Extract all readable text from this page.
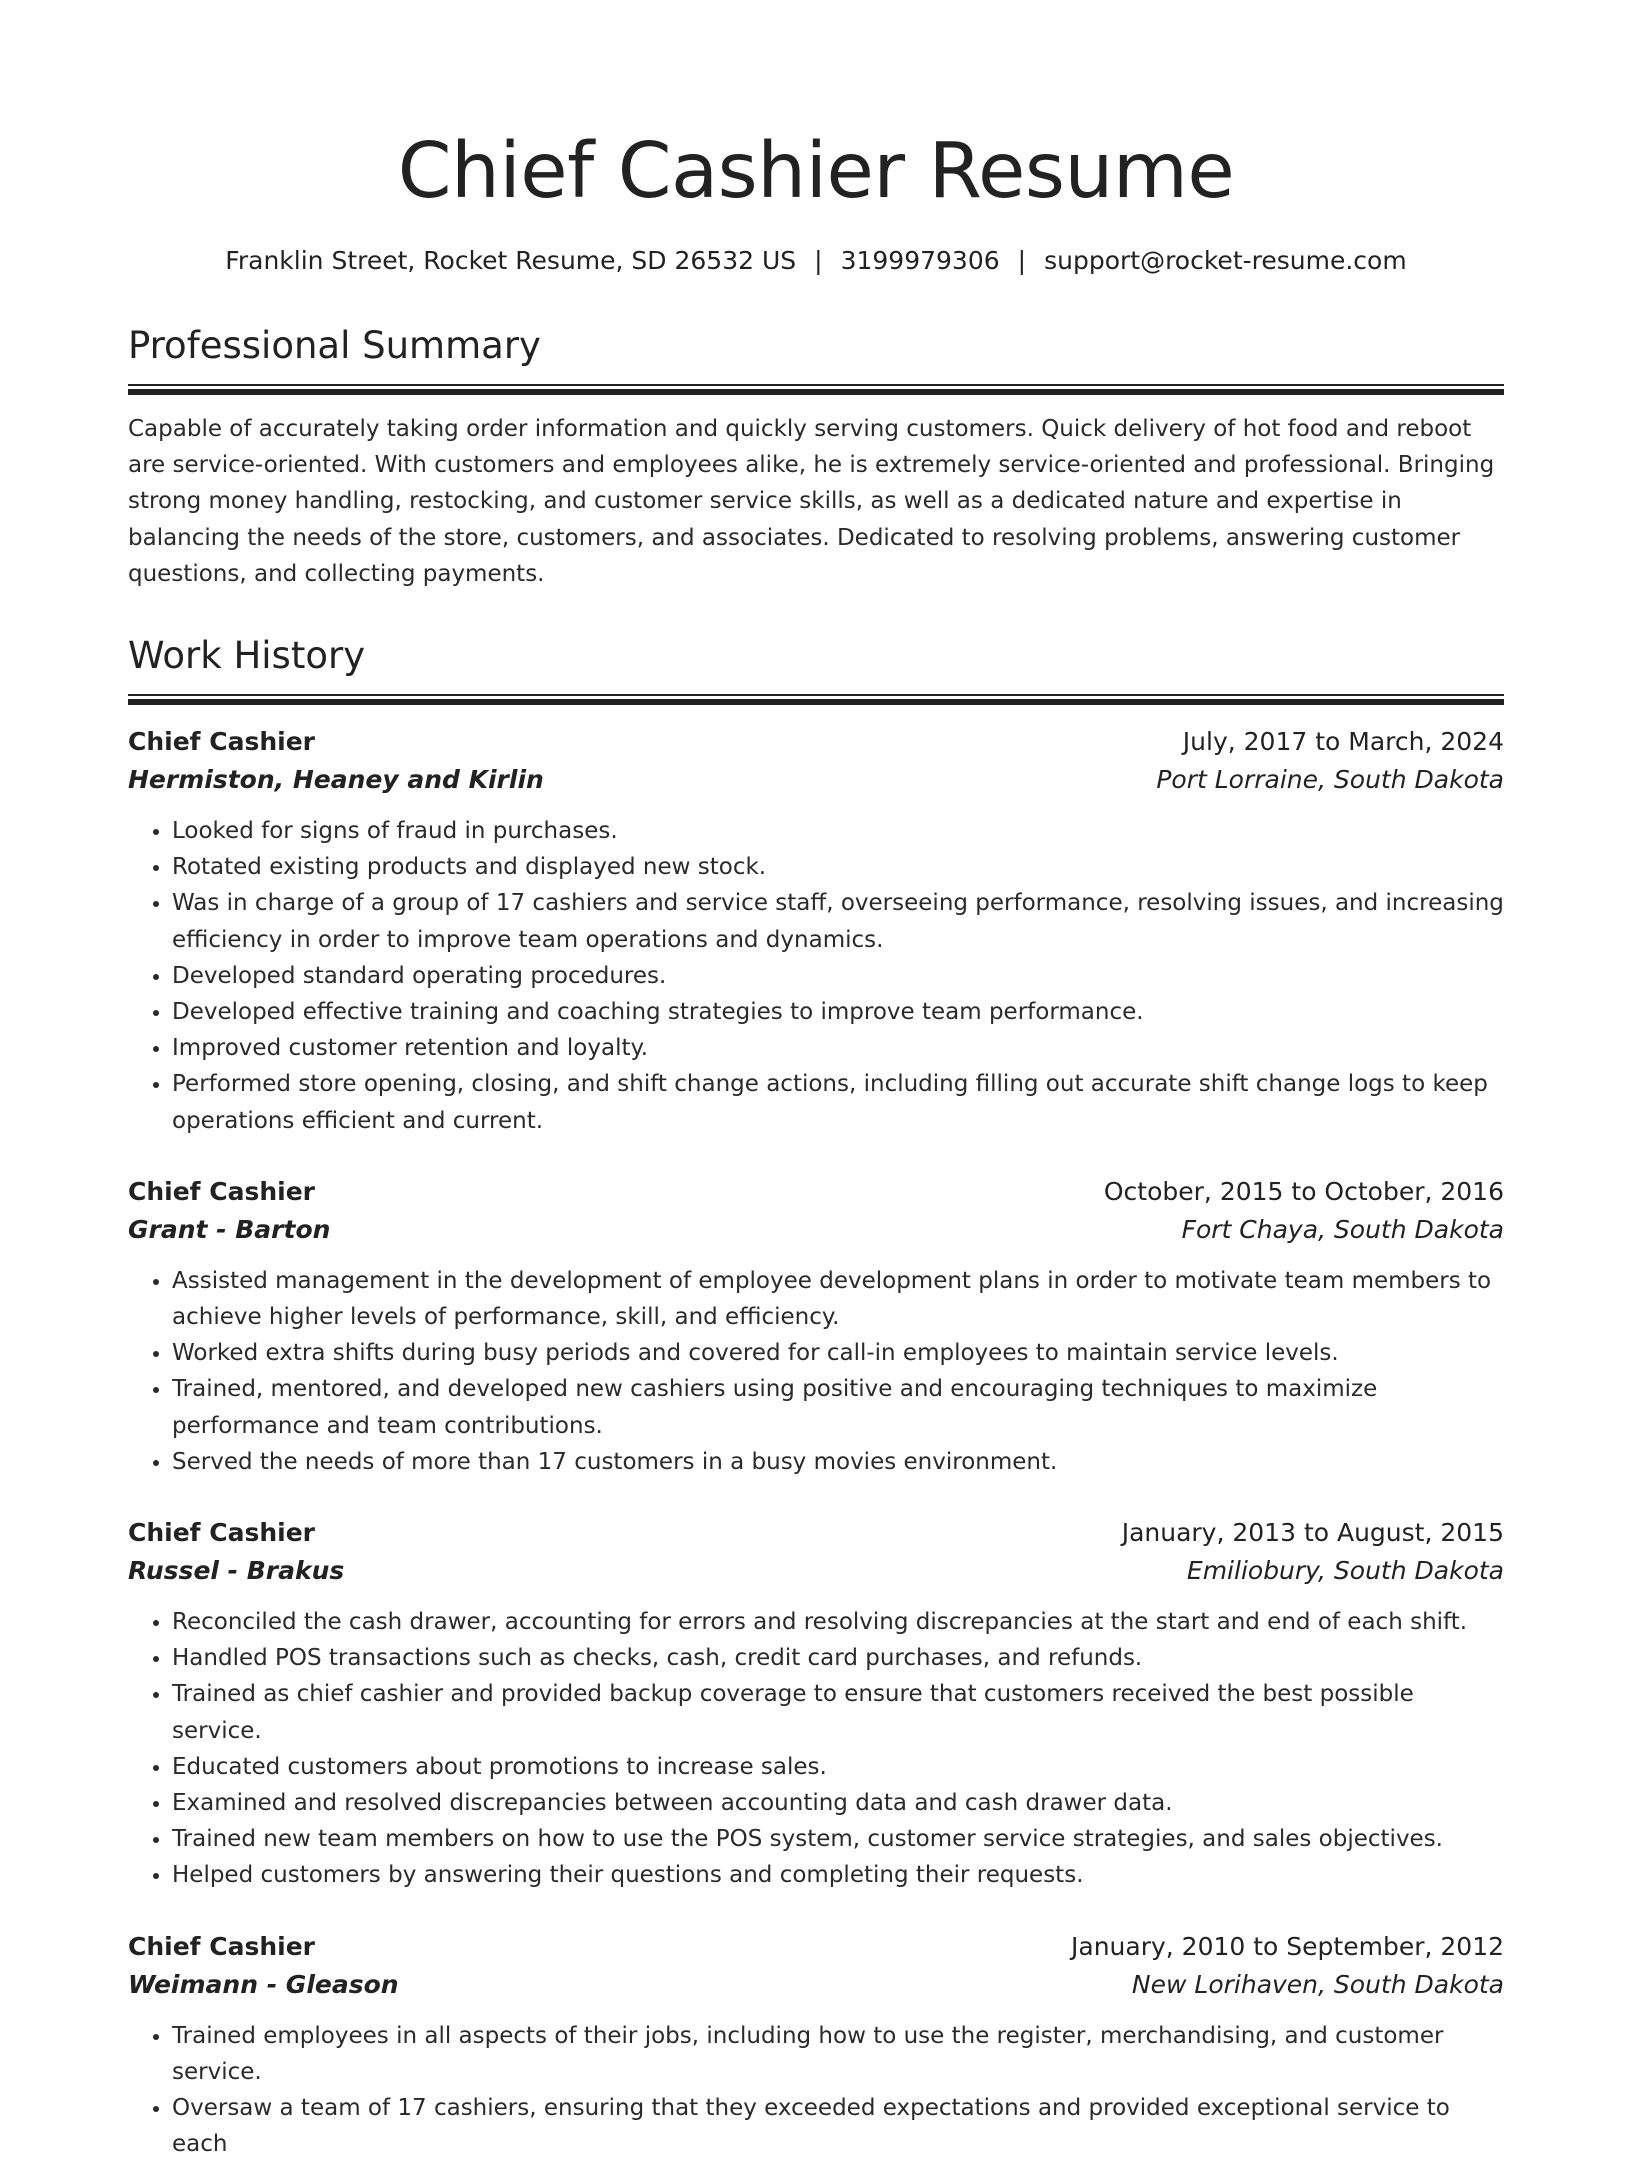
Chief Cashier Resume
Franklin Street, Rocket Resume, SD 26532 US | 3199979306 | support@rocket-resume.com
Professional Summary

Capable of accurately taking order information and quickly serving customers. Quick delivery of hot food and reboot are service-oriented. With customers and employees alike, he is extremely service-oriented and professional. Bringing strong money handling, restocking, and customer service skills, as well as a dedicated nature and expertise in balancing the needs of the store, customers, and associates. Dedicated to resolving problems, answering customer questions, and collecting payments.

Work History
Chief Cashier	July, 2017 to March, 2024
Hermiston, Heaney and Kirlin	Port Lorraine, South Dakota
• Looked for signs of fraud in purchases.
• Rotated existing products and displayed new stock.
• Was in charge of a group of 17 cashiers and service staff, overseeing performance, resolving issues, and increasing efficiency in order to improve team operations and dynamics.
• Developed standard operating procedures.
• Developed effective training and coaching strategies to improve team performance.
• Improved customer retention and loyalty.
• Performed store opening, closing, and shift change actions, including filling out accurate shift change logs to keep operations efficient and current.
Chief Cashier	October, 2015 to October, 2016
Grant - Barton	Fort Chaya, South Dakota
• Assisted management in the development of employee development plans in order to motivate team members to achieve higher levels of performance, skill, and efficiency.
• Worked extra shifts during busy periods and covered for call-in employees to maintain service levels.
• Trained, mentored, and developed new cashiers using positive and encouraging techniques to maximize performance and team contributions.
• Served the needs of more than 17 customers in a busy movies environment.
Chief Cashier	January, 2013 to August, 2015
Russel - Brakus	Emiliobury, South Dakota
• Reconciled the cash drawer, accounting for errors and resolving discrepancies at the start and end of each shift.
• Handled POS transactions such as checks, cash, credit card purchases, and refunds.
• Trained as chief cashier and provided backup coverage to ensure that customers received the best possible service.
• Educated customers about promotions to increase sales.
• Examined and resolved discrepancies between accounting data and cash drawer data.
• Trained new team members on how to use the POS system, customer service strategies, and sales objectives.
• Helped customers by answering their questions and completing their requests.
Chief Cashier	January, 2010 to September, 2012
Weimann - Gleason	New Lorihaven, South Dakota
• Trained employees in all aspects of their jobs, including how to use the register, merchandising, and customer service.
• Oversaw a team of 17 cashiers, ensuring that they exceeded expectations and provided exceptional service to each
